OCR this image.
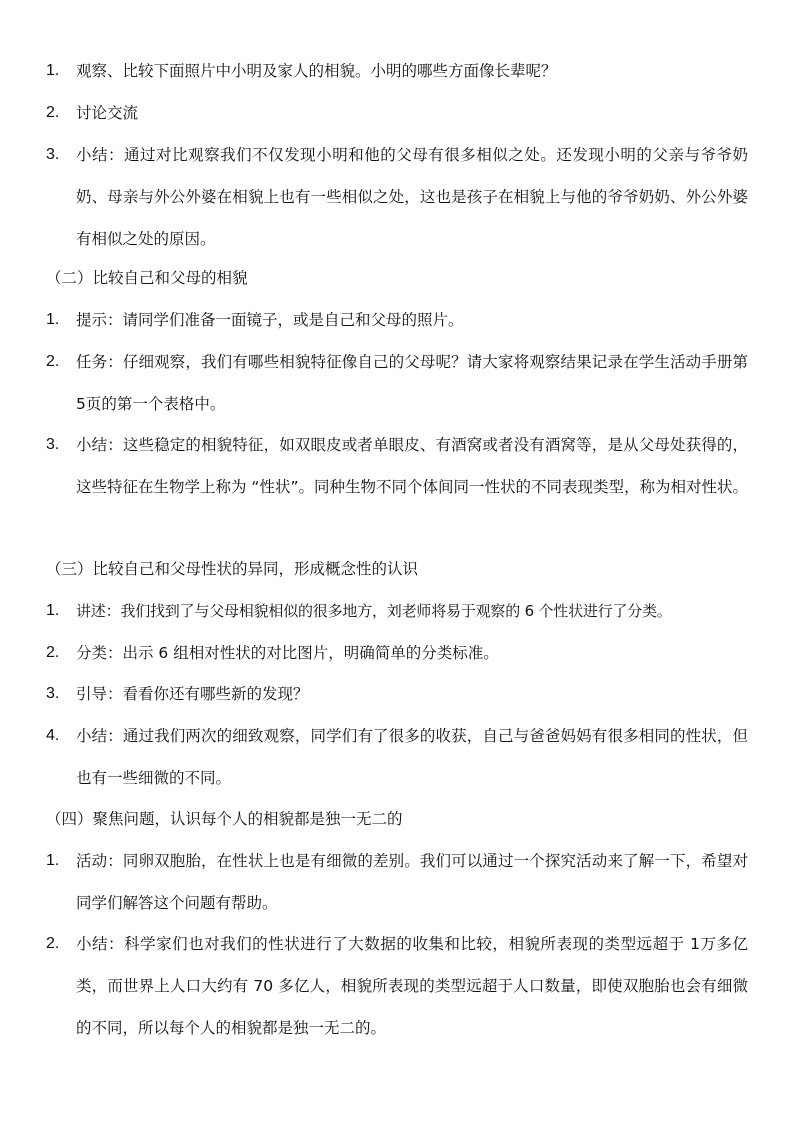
1. 观察、比较下面照片中小明及家人的相貌。小明的哪些方面像长辈呢？
2. 讨论交流
3. 小结：通过对比观察我们不仅发现小明和他的父母有很多相似之处。还发现小明的父亲与爷爷奶奶、母亲与外公外婆在相貌上也有一些相似之处，这也是孩子在相貌上与他的爷爷奶奶、外公外婆有相似之处的原因。
（二）比较自己和父母的相貌
1. 提示：请同学们准备一面镜子，或是自己和父母的照片。
2. 任务：仔细观察，我们有哪些相貌特征像自己的父母呢？请大家将观察结果记录在学生活动手册第 5页的第一个表格中。
3. 小结：这些稳定的相貌特征，如双眼皮或者单眼皮、有酒窝或者没有酒窝等，是从父母处获得的，这些特征在生物学上称为 “性状”。同种生物不同个体间同一性状的不同表现类型，称为相对性状。
（三）比较自己和父母性状的异同，形成概念性的认识
1. 讲述：我们找到了与父母相貌相似的很多地方，刘老师将易于观察的 6 个性状进行了分类。
2. 分类：出示 6 组相对性状的对比图片，明确简单的分类标准。
3. 引导：看看你还有哪些新的发现？
4. 小结：通过我们两次的细致观察，同学们有了很多的收获，自己与爸爸妈妈有很多相同的性状，但也有一些细微的不同。
（四）聚焦问题，认识每个人的相貌都是独一无二的
1. 活动：同卵双胞胎，在性状上也是有细微的差别。我们可以通过一个探究活动来了解一下，希望对同学们解答这个问题有帮助。
2. 小结：科学家们也对我们的性状进行了大数据的收集和比较，相貌所表现的类型远超于 1万多亿类，而世界上人口大约有 70 多亿人，相貌所表现的类型远超于人口数量，即使双胞胎也会有细微的不同，所以每个人的相貌都是独一无二的。
